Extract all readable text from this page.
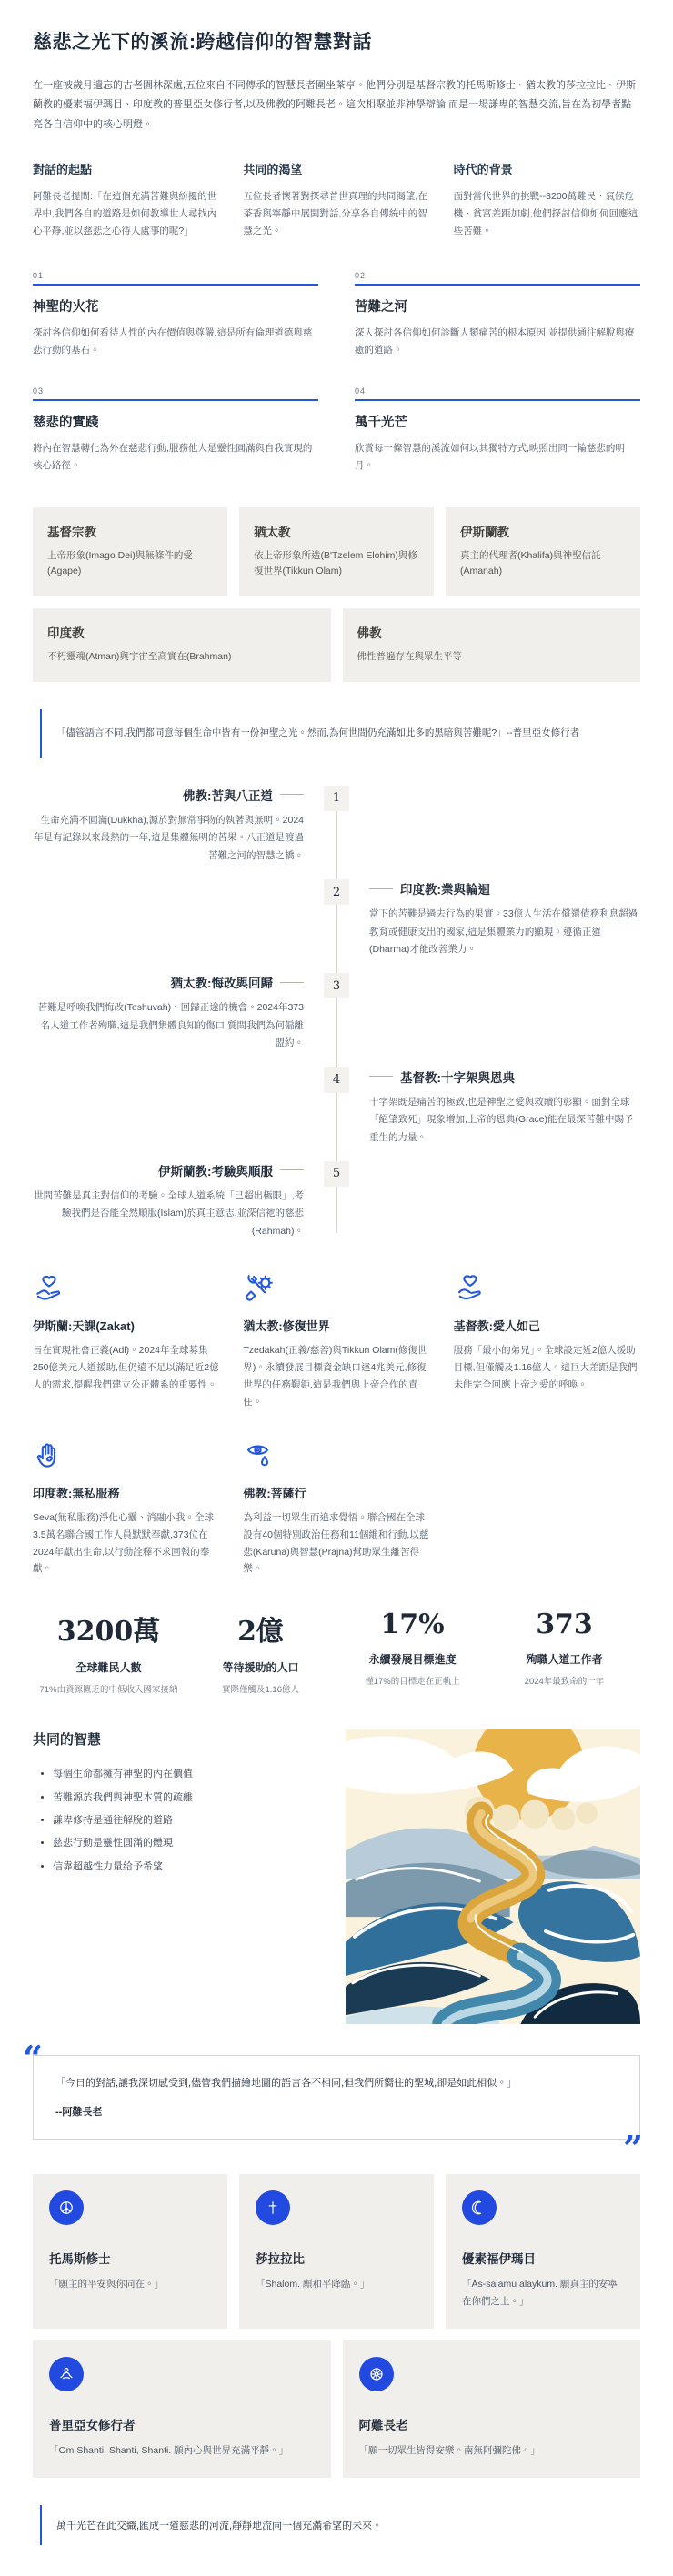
慈悲之光下的溪流:跨越信仰的智慧對話

在一座被歲月遺忘的古老園林深處,五位來自不同傳承的智慧長者圍坐茶亭。他們分別是基督宗教的托馬斯修士、猶太教的莎拉拉比、伊斯蘭教的優素福伊瑪目、印度教的普里亞女修行者,以及佛教的阿難長老。這次相聚並非神學辯論,而是一場謙卑的智慧交流,旨在為初學者點亮各自信仰中的核心明燈。

對話的起點

阿難長老提問:「在這個充滿苦難與紛擾的世界中,我們各自的道路是如何教導世人尋找內心平靜,並以慈悲之心待人處事的呢?」

共同的渴望

五位長者懷著對探尋普世真理的共同渴望,在茶香與寧靜中展開對話,分享各自傳統中的智慧之光。

時代的背景

面對當代世界的挑戰--3200萬難民、氣候危機、貧富差距加劇,他們探討信仰如何回應這些苦難。

01
神聖的火花

探討各信仰如何看待人性的內在價值與尊嚴,這是所有倫理道德與慈悲行動的基石。

02
苦難之河

深入探討各信仰如何診斷人類痛苦的根本原因,並提供通往解脫與療癒的道路。

03
慈悲的實踐

將內在智慧轉化為外在慈悲行動,服務他人是靈性圓滿與自我實現的核心路徑。

04
萬千光芒

欣賞每一條智慧的溪流如何以其獨特方式,映照出同一輪慈悲的明月。

基督宗教

上帝形象(Imago Dei)與無條件的愛(Agape)

猶太教

依上帝形象所造(B'Tzelem Elohim)與修復世界(Tikkun Olam)

伊斯蘭教

真主的代理者(Khalifa)與神聖信託(Amanah)

印度教

不朽靈魂(Atman)與宇宙至高實在(Brahman)

佛教

佛性普遍存在與眾生平等

「儘管語言不同,我們都同意每個生命中皆有一份神聖之光。然而,為何世間仍充滿如此多的黑暗與苦難呢?」--普里亞女修行者
佛教:苦與八正道

生命充滿不圓滿(Dukkha),源於對無常事物的執著與無明。2024年是有記錄以來最熱的一年,這是集體無明的苦果。八正道是渡過苦難之河的智慧之橋。

1
2	印度教:業與輪迴

當下的苦難是過去行為的果實。33億人生活在償還債務利息超過教育或健康支出的國家,這是集體業力的顯現。遵循正道(Dharma)才能改善業力。

猶太教:悔改與回歸

苦難是呼喚我們悔改(Teshuvah)、回歸正途的機會。2024年373名人道工作者殉職,這是我們集體良知的傷口,質問我們為何偏離盟約。

3
4	基督教:十字架與恩典

十字架既是痛苦的極致,也是神聖之愛與救贖的彰顯。面對全球「絕望致死」現象增加,上帝的恩典(Grace)能在最深苦難中賜予重生的力量。

伊斯蘭教:考驗與順服

世間苦難是真主對信仰的考驗。全球人道系統「已超出極限」,考驗我們是否能全然順服(Islam)於真主意志,並深信祂的慈悲(Rahmah)。

5
伊斯蘭:天課(Zakat)

旨在實現社會正義(Adl)。2024年全球募集250億美元人道援助,但仍遠不足以滿足近2億人的需求,提醒我們建立公正體系的重要性。

猶太教:修復世界

Tzedakah(正義/慈善)與Tikkun Olam(修復世界)。永續發展目標資金缺口達4兆美元,修復世界的任務艱鉅,這是我們與上帝合作的責任。

基督教:愛人如己

服務「最小的弟兄」。全球設定近2億人援助目標,但僅觸及1.16億人。這巨大差距是我們未能完全回應上帝之愛的呼喚。

印度教:無私服務

Seva(無私服務)淨化心靈、消融小我。全球3.5萬名聯合國工作人員默默奉獻,373位在2024年獻出生命,以行動詮釋不求回報的奉獻。

佛教:菩薩行

為利益一切眾生而追求覺悟。聯合國在全球設有40個特別政治任務和11個維和行動,以慈悲(Karuna)與智慧(Prajna)幫助眾生離苦得樂。

3200萬
全球難民人數
71%由資源匱乏的中低收入國家接納
2億
等待援助的人口
實際僅觸及1.16億人
17%
永續發展目標進度
僅17%的目標走在正軌上
373
殉職人道工作者
2024年最致命的一年
共同的智慧
• 每個生命都擁有神聖的內在價值
• 苦難源於我們與神聖本質的疏離
• 謙卑修持是通往解脫的道路
• 慈悲行動是靈性圓滿的體現
• 信靠超越性力量給予希望
“

「今日的對話,讓我深切感受到,儘管我們描繪地圖的語言各不相同,但我們所嚮往的聖城,卻是如此相似。」

--阿難長老

”
托馬斯修士

「願主的平安與你同在。」

莎拉拉比

「Shalom. 願和平降臨。」

優素福伊瑪目

「As-salamu alaykum. 願真主的安寧在你們之上。」

普里亞女修行者

「Om Shanti, Shanti, Shanti. 願內心與世界充滿平靜。」

阿難長老

「願一切眾生皆得安樂。南無阿彌陀佛。」

萬千光芒在此交織,匯成一道慈悲的河流,靜靜地流向一個充滿希望的未來。
